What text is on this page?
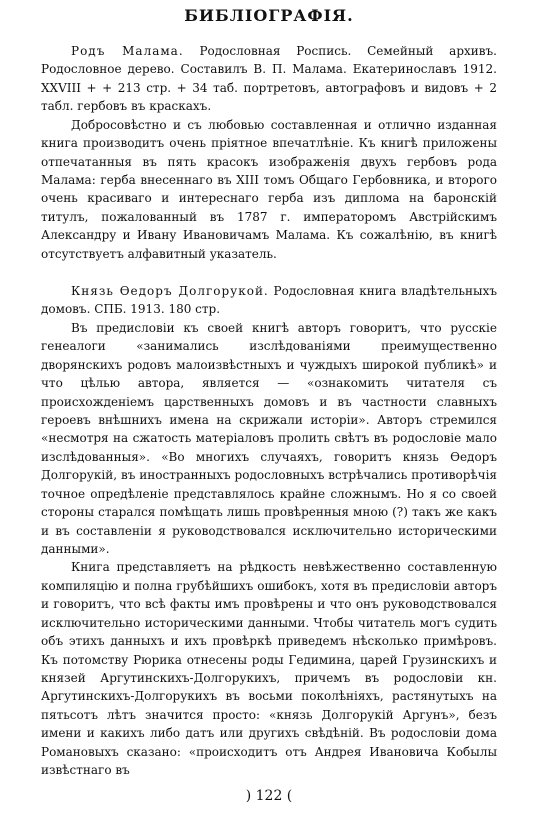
БИБЛІОГРАФІЯ.

Родъ Малама. Родословная Роспись. Семейный архивъ. Родословное дерево. Составилъ В. П. Малама. Екатеринославъ 1912. XXVIII + + 213 стр. + 34 таб. портретовъ, автографовъ и видовъ + 2 табл. гербовъ въ краскахъ.

Добросовѣстно и съ любовью составленная и отлично изданная книга производитъ очень пріятное впечатлѣніе. Къ книгѣ приложены отпечатанныя въ пять красокъ изображенія двухъ гербовъ рода Малама: герба внесеннаго въ XIII томъ Общаго Гербовника, и второго очень красиваго и интереснаго герба изъ диплома на баронскій титулъ, пожалованный въ 1787 г. императоромъ Австрійскимъ Александру и Ивану Ивановичамъ Малама. Къ сожалѣнію, въ книгѣ отсутствуетъ алфавитный указатель.

Князь Ѳедоръ Долгорукой. Родословная книга владѣтельныхъ домовъ. СПБ. 1913. 180 стр.

Въ предисловіи къ своей книгѣ авторъ говоритъ, что русскіе генеалоги «занимались изслѣдованіями преимущественно дворянскихъ родовъ малоизвѣстныхъ и чуждыхъ широкой публикѣ» и что цѣлью автора, является — «ознакомить читателя съ происхожденіемъ царственныхъ домовъ и въ частности славныхъ героевъ внѣшнихъ имена на скрижали исторіи». Авторъ стремился «несмотря на сжатость матеріаловъ пролить свѣтъ въ родословіе мало изслѣдованныя». «Во многихъ случаяхъ, говоритъ князь Ѳедоръ Долгорукій, въ иностранныхъ родословныхъ встрѣчались противорѣчія точное опредѣленіе представлялось крайне сложнымъ. Но я со своей стороны старался помѣщать лишь провѣренныя мною (?) такъ же какъ и въ составленіи я руководствовался исключительно историческими данными».

Книга представляетъ на рѣдкость невѣжественно составленную компиляцію и полна грубѣйшихъ ошибокъ, хотя въ предисловіи авторъ и говоритъ, что всѣ факты имъ провѣрены и что онъ руководствовался исключительно историческими данными. Чтобы читатель могъ судить объ этихъ данныхъ и ихъ провѣркѣ приведемъ нѣсколько примѣровъ. Къ потомству Рюрика отнесены роды Гедимина, царей Грузинскихъ и князей Аргутинскихъ-Долгорукихъ, причемъ въ родословіи кн. Аргутинскихъ-Долгорукихъ въ восьми поколѣніяхъ, растянутыхъ на пятьсотъ лѣтъ значится просто: «князь Долгорукій Аргунъ», безъ имени и какихъ либо датъ или другихъ свѣдѣній. Въ родословіи дома Романовыхъ сказано: «происходитъ отъ Андрея Ивановича Кобылы извѣстнаго въ

) 122 (
